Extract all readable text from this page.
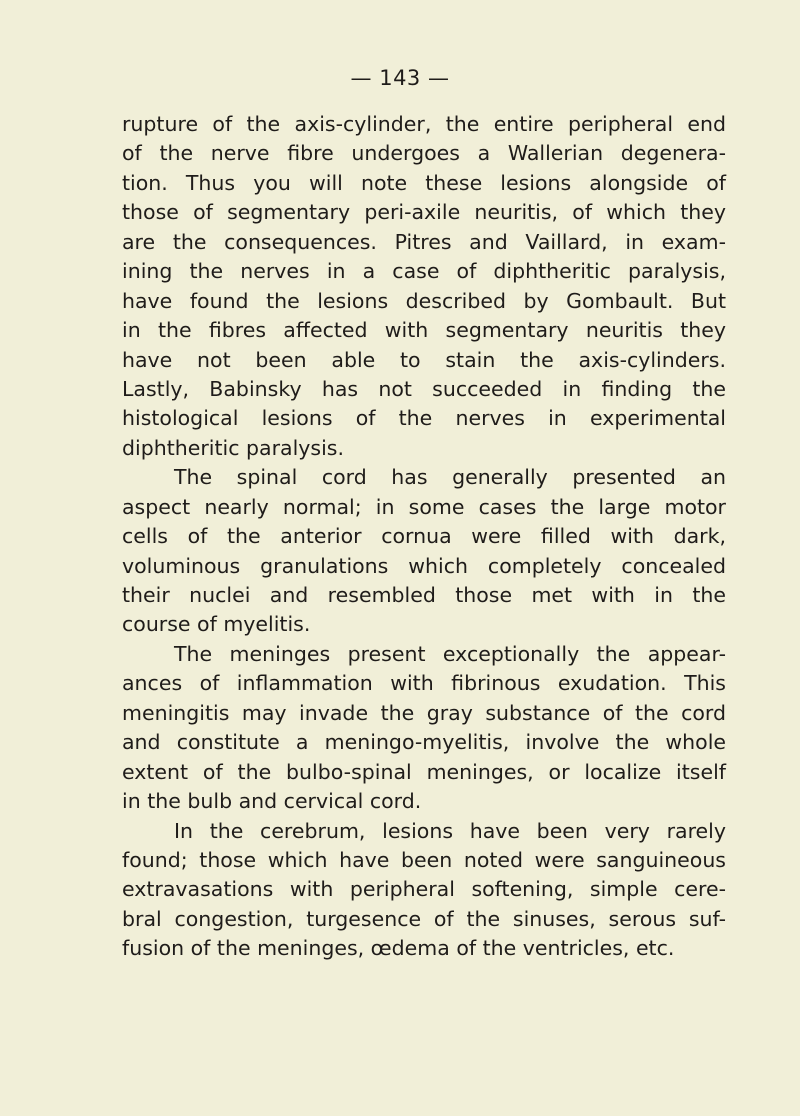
— 143 —
rupture of the axis-cylinder, the entire peripheral end
of the nerve fibre undergoes a Wallerian degenera-
tion. Thus you will note these lesions alongside of
those of segmentary peri-axile neuritis, of which they
are the consequences. Pitres and Vaillard, in exam-
ining the nerves in a case of diphtheritic paralysis,
have found the lesions described by Gombault. But
in the fibres affected with segmentary neuritis they
have not been able to stain the axis-cylinders.
Lastly, Babinsky has not succeeded in finding the
histological lesions of the nerves in experimental
diphtheritic paralysis.
The spinal cord has generally presented an
aspect nearly normal; in some cases the large motor
cells of the anterior cornua were filled with dark,
voluminous granulations which completely concealed
their nuclei and resembled those met with in the
course of myelitis.
The meninges present exceptionally the appear-
ances of inflammation with fibrinous exudation. This
meningitis may invade the gray substance of the cord
and constitute a meningo-myelitis, involve the whole
extent of the bulbo-spinal meninges, or localize itself
in the bulb and cervical cord.
In the cerebrum, lesions have been very rarely
found; those which have been noted were sanguineous
extravasations with peripheral softening, simple cere-
bral congestion, turgesence of the sinuses, serous suf-
fusion of the meninges, œdema of the ventricles, etc.
